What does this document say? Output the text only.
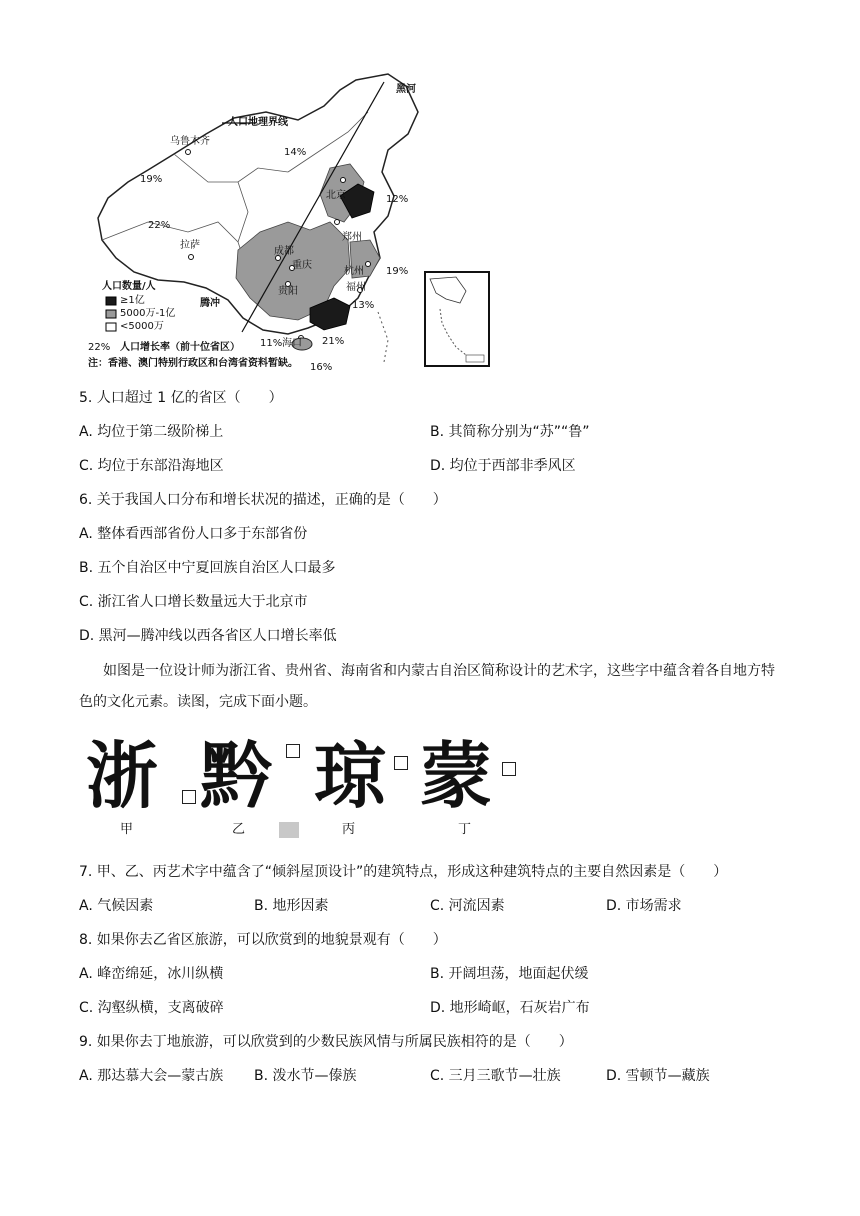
人口地理界线
黑河
乌鲁木齐
拉萨
北京
郑州
成都
重庆
贵阳
杭州
福州
腾冲
海口
14%
19%
22%
12%
19%
13%
11%	21%
16%
人口数量/人
≥1亿
5000万-1亿
<5000万
22% 人口增长率（前十位省区）
注：香港、澳门特别行政区和台湾省资料暂缺。
5. 人口超过 1 亿的省区（　　）
A. 均位于第二级阶梯上	B. 其简称分别为“苏”“鲁”
C. 均位于东部沿海地区	D. 均位于西部非季风区
6. 关于我国人口分布和增长状况的描述，正确的是（　　）
A. 整体看西部省份人口多于东部省份
B. 五个自治区中宁夏回族自治区人口最多
C. 浙江省人口增长数量远大于北京市
D. 黑河—腾冲线以西各省区人口增长率低
如图是一位设计师为浙江省、贵州省、海南省和内蒙古自治区简称设计的艺术字，这些字中蕴含着各自地方特色的文化元素。读图，完成下面小题。
浙 黔 琼 蒙
甲	乙	丙	丁
7. 甲、乙、丙艺术字中蕴含了“倾斜屋顶设计”的建筑特点，形成这种建筑特点的主要自然因素是（　　）
A. 气候因素	B. 地形因素	C. 河流因素	D. 市场需求
8. 如果你去乙省区旅游，可以欣赏到的地貌景观有（　　）
A. 峰峦绵延，冰川纵横	B. 开阔坦荡，地面起伏缓
C. 沟壑纵横，支离破碎	D. 地形崎岖，石灰岩广布
9. 如果你去丁地旅游，可以欣赏到的少数民族风情与所属民族相符的是（　　）
A. 那达慕大会—蒙古族 B. 泼水节—傣族	C. 三月三歌节—壮族	D. 雪顿节—藏族
